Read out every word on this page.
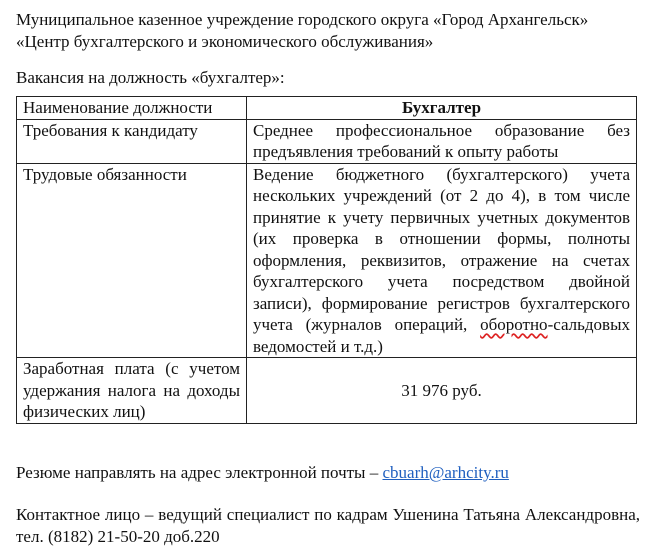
Муниципальное казенное учреждение городского округа «Город Архангельск» «Центр бухгалтерского и экономического обслуживания»
Вакансия на должность «бухгалтер»:
Наименование должности	Бухгалтер
Требования к кандидату	Среднее профессиональное образование без предъявления требований к опыту работы
Трудовые обязанности	Ведение бюджетного (бухгалтерского) учета нескольких учреждений (от 2 до 4), в том числе принятие к учету первичных учетных документов (их проверка в отношении формы, полноты оформления, реквизитов, отражение на счетах бухгалтерского учета посредством двойной записи), формирование регистров бухгалтерского учета (журналов операций, оборотно-сальдовых ведомостей и т.д.)
Заработная плата (с учетом удержания налога на доходы физических лиц)	31 976 руб.
Резюме направлять на адрес электронной почты – cbuarh@arhcity.ru
Контактное лицо – ведущий специалист по кадрам Ушенина Татьяна Александровна, тел. (8182) 21-50-20 доб.220
